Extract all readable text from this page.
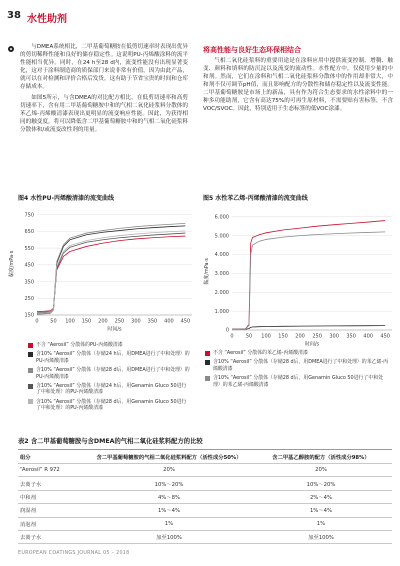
38 水性助剂

与DMEA系统相比，二甲基葡萄糖胺在低剪切速率时表现出优异的剪切稀释性能和良好的储存稳定性。这说明PU-丙烯酸涂料的流平性能相当优异。同时，在24 h至28 d内，流变性能没有出现显著变化，这对于涂料制造商的质保部门来说非常有价值。因为由此产品，就可以在对检测和评价合格后发货。这有助于节省宝贵的时间和仓库存储成本。

如图5所示，与含DMEA的对比配方相比，在低剪切速率和高剪切速率下，含有用二甲基葡萄糖胺中和的气相二氧化硅浆料分散体的苯乙烯-丙烯酸清漆表现出更明显的流变响应性能。因此，为获得相同的触变度，将可以降低含二甲基葡萄糖胺中和的气相二氧化硅浆料分散体和/或流变改性剂的用量。

将高性能与良好生态环保相结合

气相二氧化硅浆料的重要用途是在涂料应用中提供流变控制、增稠、触变、颜料和填料的防沉淀以及流变的流动性。水性配方中，仅使用少量的中和剂。然而，它们在涂料和气相二氧化硅浆料分散体中的作用却非常大，中和剂不仅可调节pH值，而且影响配方的分散性和储存稳定性以及流变性能。二甲基葡萄糖胺是市场上的新品，具有作为符合生态要求的水性涂料中的一种多功能助剂，它含有高达75%的可再生原材料，不需要贴有害标签，不含VOC/SVOC。因此，特别适用于生态标签的低VOC涂漆。

图4 水性PU-丙烯酸清漆的流变曲线
150
250
350
450
550
650
750
0 50 100 150 200 250 300 350 400 450
时间/s
黏度/mPa·s
不含 “Aerosil” 分散体的PU-丙烯酸清漆
含10% “Aerosil” 分散体（存储24 h后，用DMEA进行了中和处理）的PU-丙烯酸清漆
含10% “Aerosil” 分散体（存储28 d后，用DMEA进行了中和处理）的PU-丙烯酸清漆
含10% “Aerosil” 分散体（存储24 h后，用Genamin Gluco 50进行了中和处理）的PU-丙烯酸清漆
含10% “Aerosil” 分散体（存储28 d后，用Genamin Gluco 50进行了中和处理）的PU-丙烯酸清漆
图5 水性苯乙烯-丙烯酸清漆的流变曲线
0
1.000
2.000
3.000
4.000
5.000
6.000
0 50 100 150 200 250 300 350 400 450
时间/s
黏度/mPa·s
不含 “Aerosil” 分散体的苯乙烯-丙烯酸清漆
含10% “Aerosil” 分散体（存储28 d后，用DMEA进行了中和处理）的苯乙烯-丙烯酸清漆
含10% “Aerosil” 分散体（存储28 d后，用Genamin Gluco 50进行了中和处理）的苯乙烯-丙烯酸清漆
表2 含二甲基葡萄糖胺与含DMEA的气相二氧化硅浆料配方的比较
组分	含二甲基葡萄糖胺的气相二氧化硅浆料配方（活性成分50%）	含二甲基乙醇胺的配方（活性成分98%）
“Aerosil” R 972	20%	20%
去离子水	10%～20%	10%～20%
中和剂	4%～8%	2%～4%
润湿剂	1%～4%	1%～4%
消泡剂	1%	1%
去离子水	加至100%	加至100%
EUROPEAN COATINGS JOURNAL 05 – 2018
